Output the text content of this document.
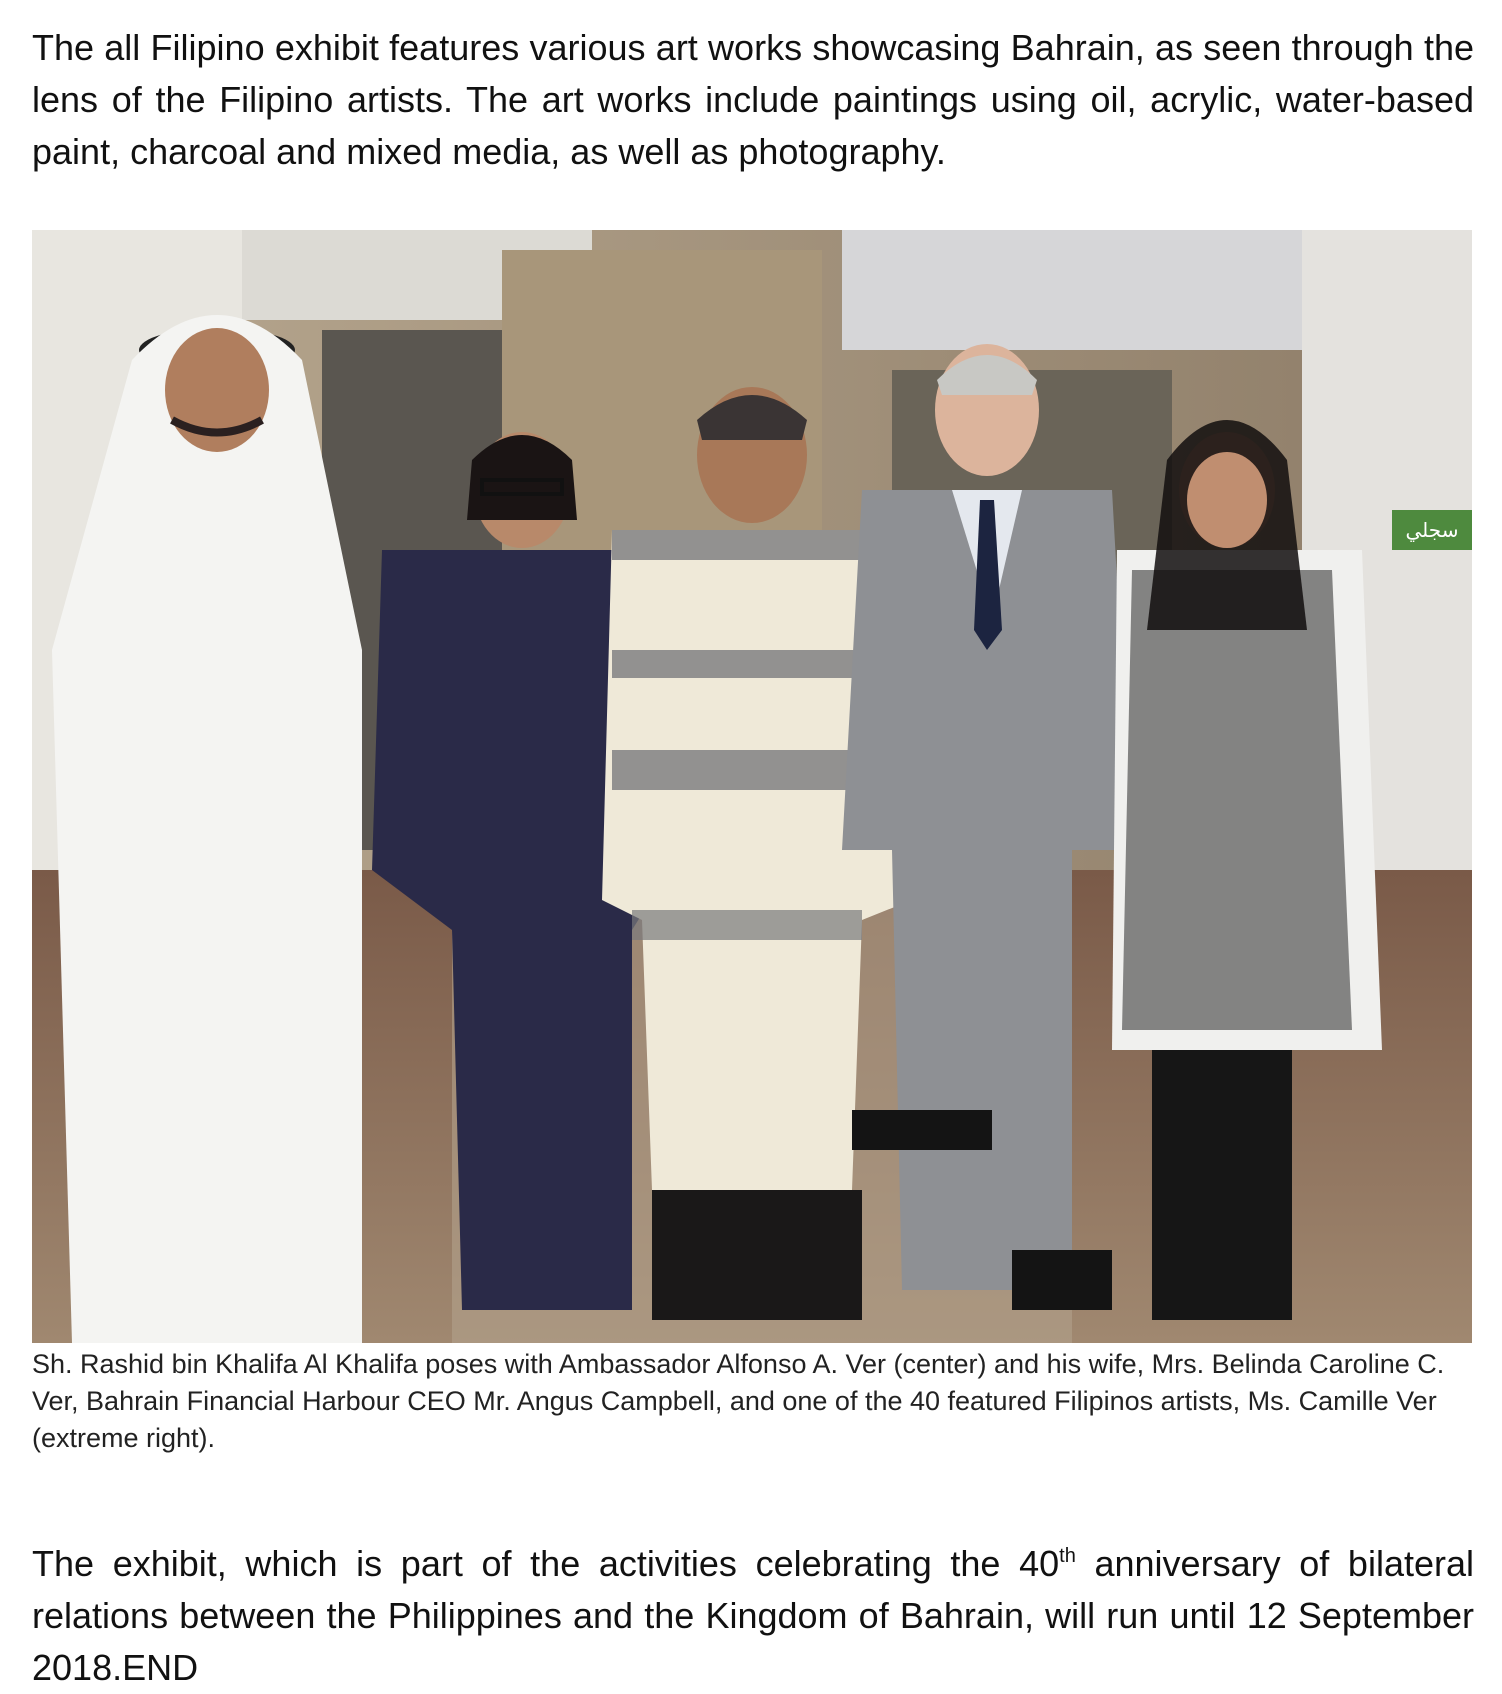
The all Filipino exhibit features various art works showcasing Bahrain, as seen through the lens of the Filipino artists. The art works include paintings using oil, acrylic, water-based paint, charcoal and mixed media, as well as photography.

سجلي

Sh. Rashid bin Khalifa Al Khalifa poses with Ambassador Alfonso A. Ver (center) and his wife, Mrs. Belinda Caroline C. Ver, Bahrain Financial Harbour CEO Mr. Angus Campbell, and one of the 40 featured Filipinos artists, Ms. Camille Ver (extreme right).

The exhibit, which is part of the activities celebrating the 40th anniversary of bilateral relations between the Philippines and the Kingdom of Bahrain, will run until 12 September 2018.END
